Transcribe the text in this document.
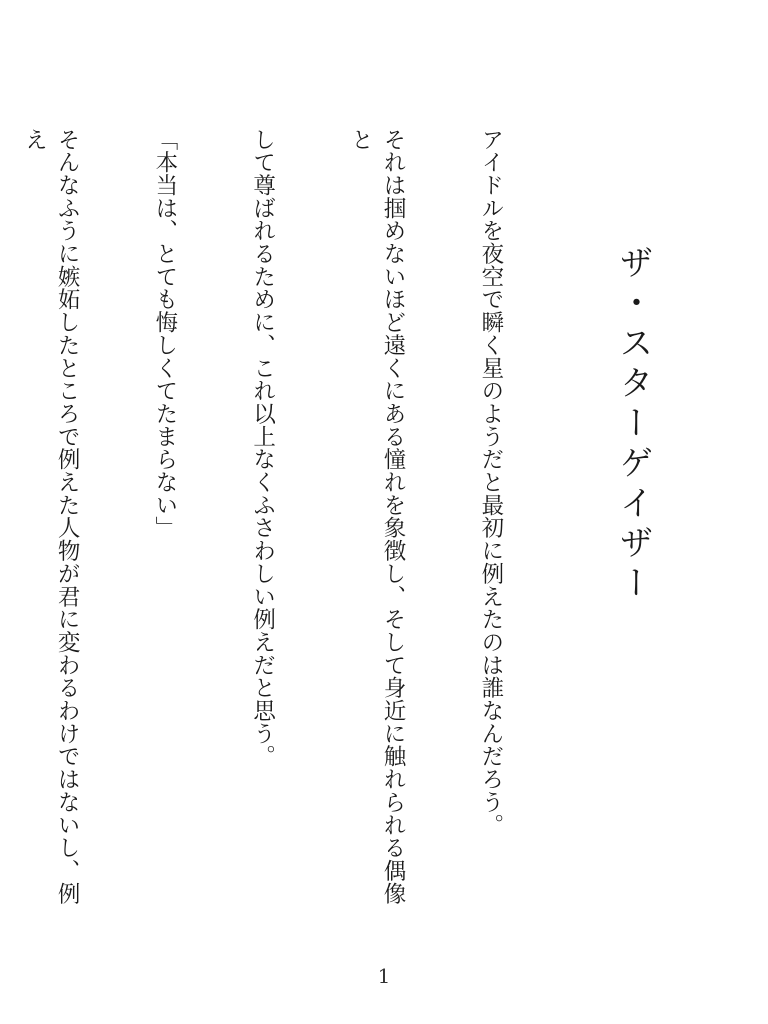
ザ・スターゲイザー

アイドルを夜空で瞬く星のようだと最初に例えたのは誰なんだろう。

それは掴めないほど遠くにある憧れを象徴し、そして身近に触れられる偶像と

して尊ばれるために、これ以上なくふさわしい例えだと思う。

「本当は、とても悔しくてたまらない」

そんなふうに嫉妬したところで例えた人物が君に変わるわけではないし、例え

1
